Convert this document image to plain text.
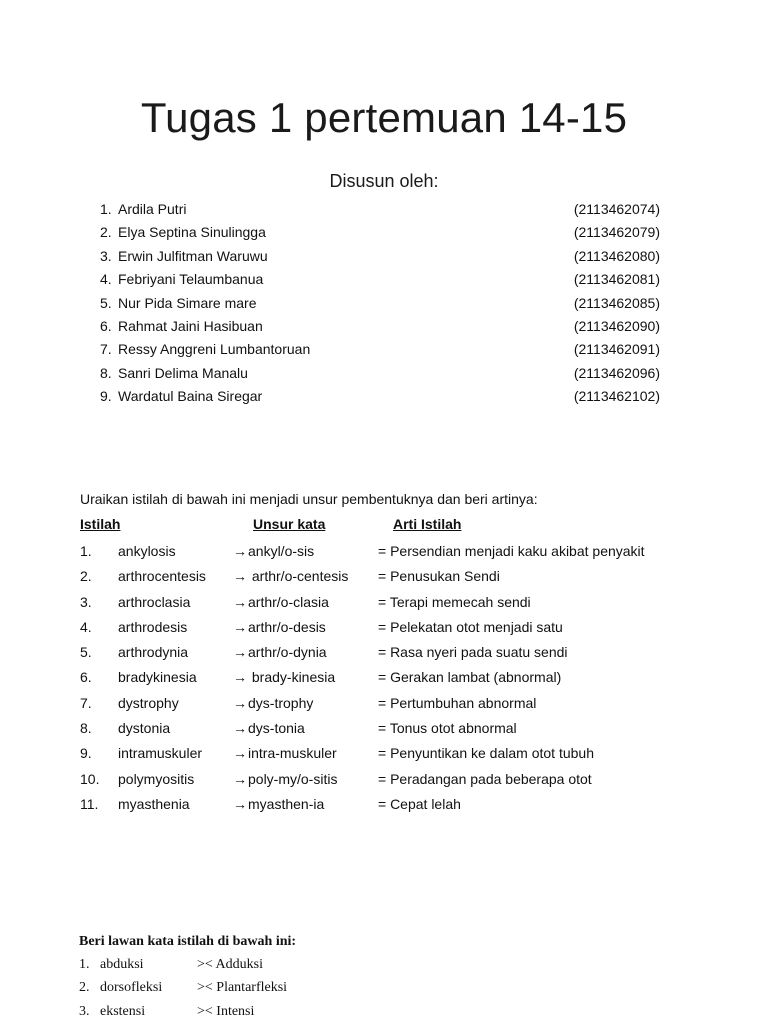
Tugas 1 pertemuan 14-15
Disusun oleh:
1. Ardila Putri	(2113462074)
2. Elya Septina Sinulingga	(2113462079)
3. Erwin Julfitman Waruwu	(2113462080)
4. Febriyani Telaumbanua	(2113462081)
5. Nur Pida Simare mare	(2113462085)
6. Rahmat Jaini Hasibuan	(2113462090)
7. Ressy Anggreni Lumbantoruan	(2113462091)
8. Sanri Delima Manalu	(2113462096)
9. Wardatul Baina Siregar	(2113462102)
Uraikan istilah di bawah ini menjadi unsur pembentuknya dan beri artinya:
Istilah	Unsur kata	Arti Istilah
1. ankylosis	→ankyl/o-sis	= Persendian menjadi kaku akibat penyakit
2. arthrocentesis → arthr/o-centesis = Penusukan Sendi
3. arthroclasia	→arthr/o-clasia	= Terapi memecah sendi
4. arthrodesis	→arthr/o-desis	= Pelekatan otot menjadi satu
5. arthrodynia	→arthr/o-dynia	= Rasa nyeri pada suatu sendi
6. bradykinesia	→ brady-kinesia	= Gerakan lambat (abnormal)
7. dystrophy	→dys-trophy	= Pertumbuhan abnormal
8. dystonia	→dys-tonia	= Tonus otot abnormal
9. intramuskuler →intra-muskuler	= Penyuntikan ke dalam otot tubuh
10. polymyositis	→poly-my/o-sitis	= Peradangan pada beberapa otot
11. myasthenia	→myasthen-ia	= Cepat lelah
Beri lawan kata istilah di bawah ini:
1. abduksi	>< Adduksi
2. dorsofleksi >< Plantarfleksi
3. ekstensi	>< Intensi
